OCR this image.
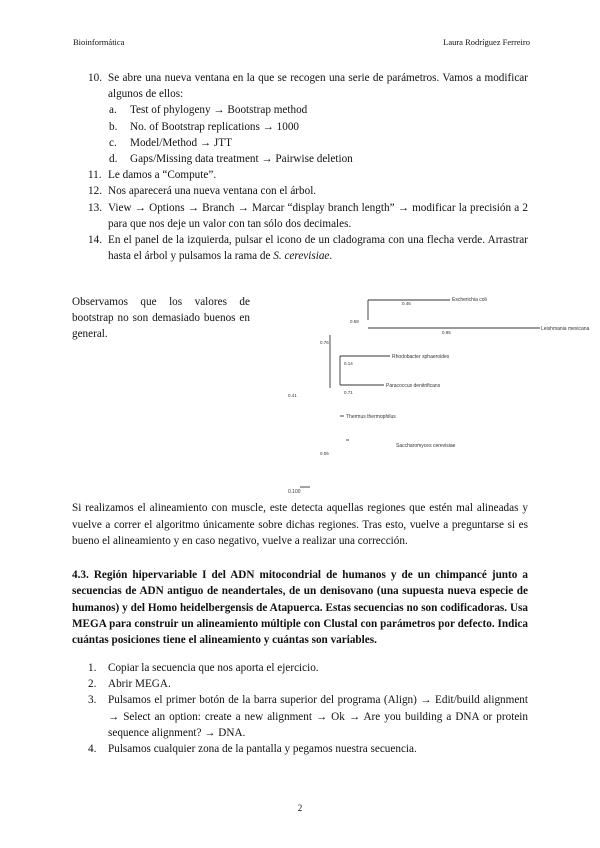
Bioinformática	Laura Rodríguez Ferreiro
10. Se abre una nueva ventana en la que se recogen una serie de parámetros. Vamos a modificar algunos de ellos:
a. Test of phylogeny → Bootstrap method
b. No. of Bootstrap replications → 1000
c. Model/Method → JTT
d. Gaps/Missing data treatment → Pairwise deletion
11. Le damos a “Compute”.
12. Nos aparecerá una nueva ventana con el árbol.
13. View → Options → Branch → Marcar “display branch length” → modificar la precisión a 2 para que nos deje un valor con tan sólo dos decimales.
14. En el panel de la izquierda, pulsar el icono de un cladograma con una flecha verde. Arrastrar hasta el árbol y pulsamos la rama de S. cerevisiae.
Observamos que los valores de bootstrap no son demasiado buenos en general.
Escherichia coli
Leishmania mexicana
Rhodobacter sphaeroides
Paracoccus denitrificans
Thermus thermophilus
Saccharomyces cerevisiae
0.45
0.58
0.95
0.76
0.14
0.71
0.41
0.05
0.100
Si realizamos el alineamiento con muscle, este detecta aquellas regiones que estén mal alineadas y vuelve a correr el algoritmo únicamente sobre dichas regiones. Tras esto, vuelve a preguntarse si es bueno el alineamiento y en caso negativo, vuelve a realizar una corrección.
4.3. Región hipervariable I del ADN mitocondrial de humanos y de un chimpancé junto a secuencias de ADN antiguo de neandertales, de un denisovano (una supuesta nueva especie de humanos) y del Homo heidelbergensis de Atapuerca. Estas secuencias no son codificadoras. Usa MEGA para construir un alineamiento múltiple con Clustal con parámetros por defecto. Indica cuántas posiciones tiene el alineamiento y cuántas son variables.
1. Copiar la secuencia que nos aporta el ejercicio.
2. Abrir MEGA.
3. Pulsamos el primer botón de la barra superior del programa (Align) → Edit/build alignment → Select an option: create a new alignment → Ok → Are you building a DNA or protein sequence alignment? → DNA.
4. Pulsamos cualquier zona de la pantalla y pegamos nuestra secuencia.
2
